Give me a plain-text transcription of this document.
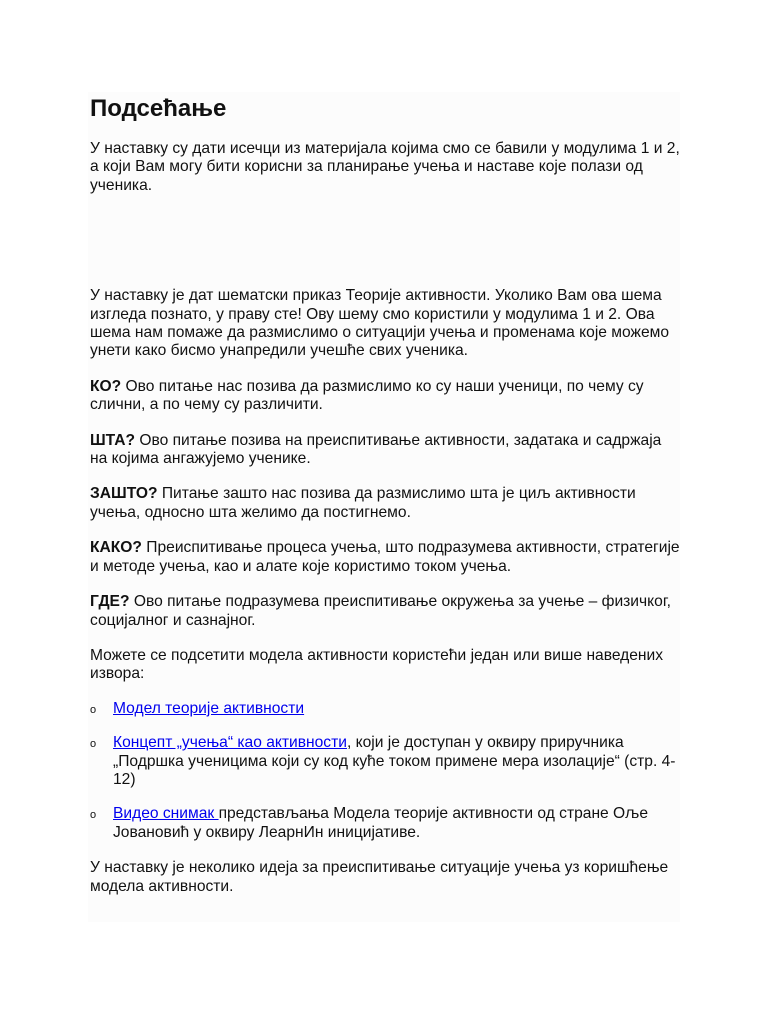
Подсећање

У наставку су дати исечци из материјала којима смо се бавили у модулима 1 и 2, а који Вам могу бити корисни за планирање учења и наставе које полази од ученика.

У наставку је дат шематски приказ Теорије активности. Уколико Вам ова шема изгледа познато, у праву сте! Ову шему смо користили у модулима 1 и 2. Ова шема нам помаже да размислимо о ситуацији учења и променама које можемо унети како бисмо унапредили учешће свих ученика.

КО? Ово питање нас позива да размислимо ко су наши ученици, по чему су слични, а по чему су различити.

ШТА? Ово питање позива на преиспитивање активности, задатака и садржаја на којима ангажујемо ученике.

ЗАШТО? Питање зашто нас позива да размислимо шта је циљ активности учења, односно шта желимо да постигнемо.

КАКО? Преиспитивање процеса учења, што подразумева активности, стратегије и методе учења, као и алате које користимо током учења.

ГДЕ? Ово питање подразумева преиспитивање окружења за учење – физичког, социјалног и сазнајног.

Можете се подсетити модела активности користећи један или више наведених извора:

o Модел теорије активности
o Концепт „учења“ као активности, који је доступан у оквиру приручника „Подршка ученицима који су код куће током примене мера изолације“ (стр. 4-12)
o Видео снимак представљања Модела теорије активности од стране Оље Јовановић у оквиру ЛеарнИн иницијативе.

У наставку је неколико идеја за преиспитивање ситуације учења уз коришћење модела активности.
